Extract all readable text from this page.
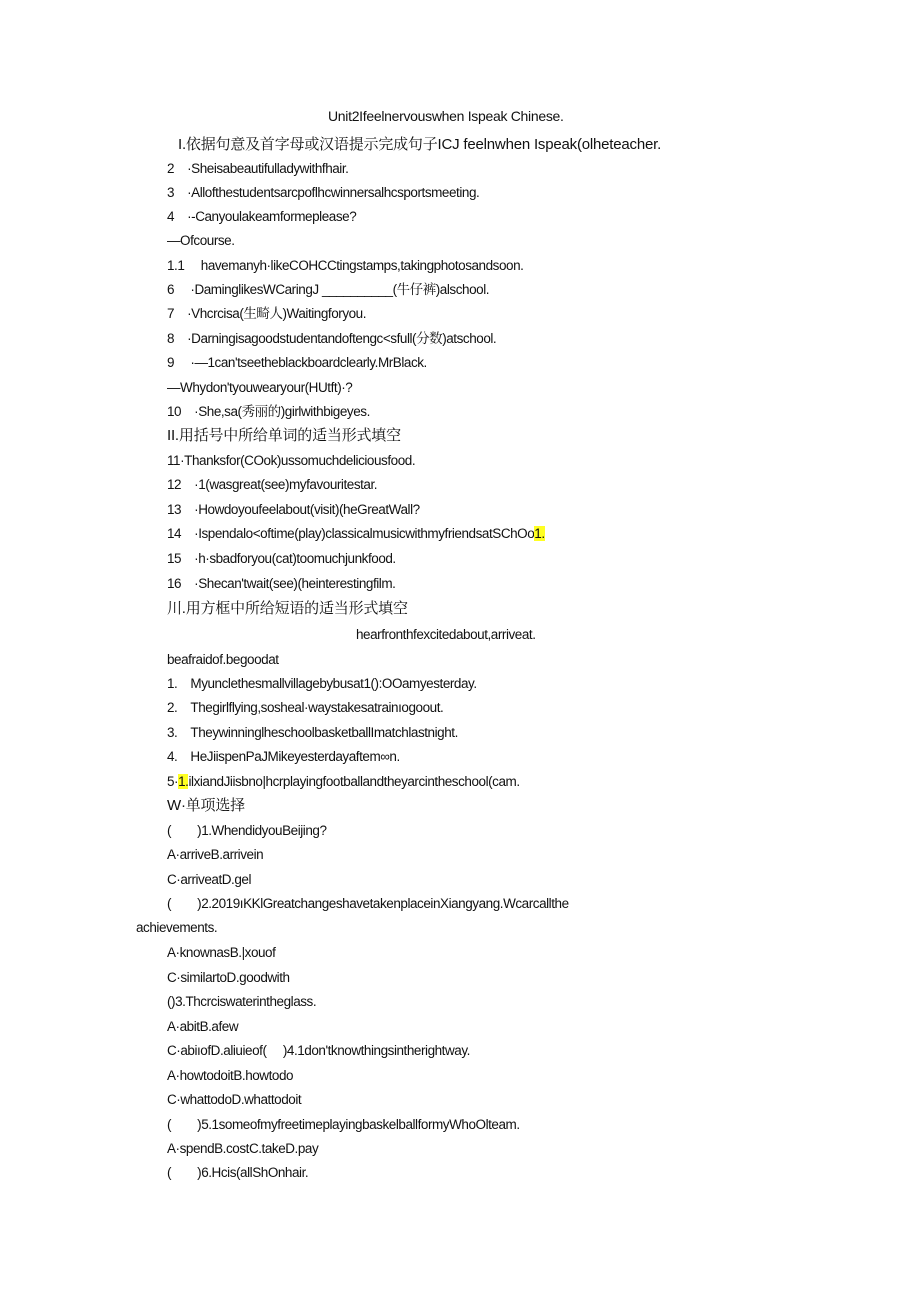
Unit2Ifeelnervouswhen Ispeak Chinese.
I.依据句意及首字母或汉语提示完成句子ICJ feelnwhen Ispeak(olheteacher.
2 ·Sheisabeautifulladywithfhair.
3 ·Allofthestudentsarcpoflhcwinnersalhcsportsmeeting.
4 ·-Canyoulakeamformeplease?
—Ofcourse.
1.1  havemanyh·likeCOHCCtingstamps,takingphotosandsoon.
6  ·DaminglikesWCaringJ __________(牛仔裤)alschool.
7 ·Vhcrcisa(生畸人)Waitingforyou.
8 ·Darningisagoodstudentandoftengc<sfull(分数)atschool.
9  ·—1can'tseetheblackboardclearly.MrBlack.
—Whydon'tyouwearyour(HUtft)·?
10 ·She,sa(秀丽的)girlwithbigeyes.
II.用括号中所给单词的适当形式填空
11·Thanksfor(COok)ussomuchdeliciousfood.
12 ·1(wasgreat(see)myfavouritestar.
13 ·Howdoyoufeelabout(visit)(heGreatWall?
14 ·Ispendalo<oftime(play)classicalmusicwithmyfriendsatSChOo1.
15 ·h·sbadforyou(cat)toomuchjunkfood.
16 ·Shecan'twait(see)(heinterestingfilm.
川.用方框中所给短语的适当形式填空
hearfronthfexcitedabout,arriveat.
beafraidof.begoodat
1. Myunclethesmallvillagebybusat1():OOamyesterday.
2. Thegirlflying,sosheal·waystakesatrainıogoout.
3. TheywinninglheschoolbasketballImatchlastnight.
4. HeJiispenPaJMikeyesterdayaftem∞n.
5·1.ilxiandJiisbno|hcrplayingfootballandtheyarcintheschool(cam.
W·单项选择
(  )1.WhendidyouBeijing?
A·arriveB.arrivein
C·arriveatD.gel
(  )2.2019ıKKlGreatchangeshavetakenplaceinXiangyang.Wcarcallthe
achievements.
A·knownasB.|xouof
C·similartoD.goodwith
()3.Thcrciswaterintheglass.
A·abitB.afew
C·abiıofD.aliuieof(  )4.1don'tknowthingsintherightway.
A·howtodoitB.howtodo
C·whattodoD.whattodoit
(  )5.1someofmyfreetimeplayingbaskelballformyWhoOlteam.
A·spendB.costC.takeD.pay
(  )6.Hcis(allShOnhair.
